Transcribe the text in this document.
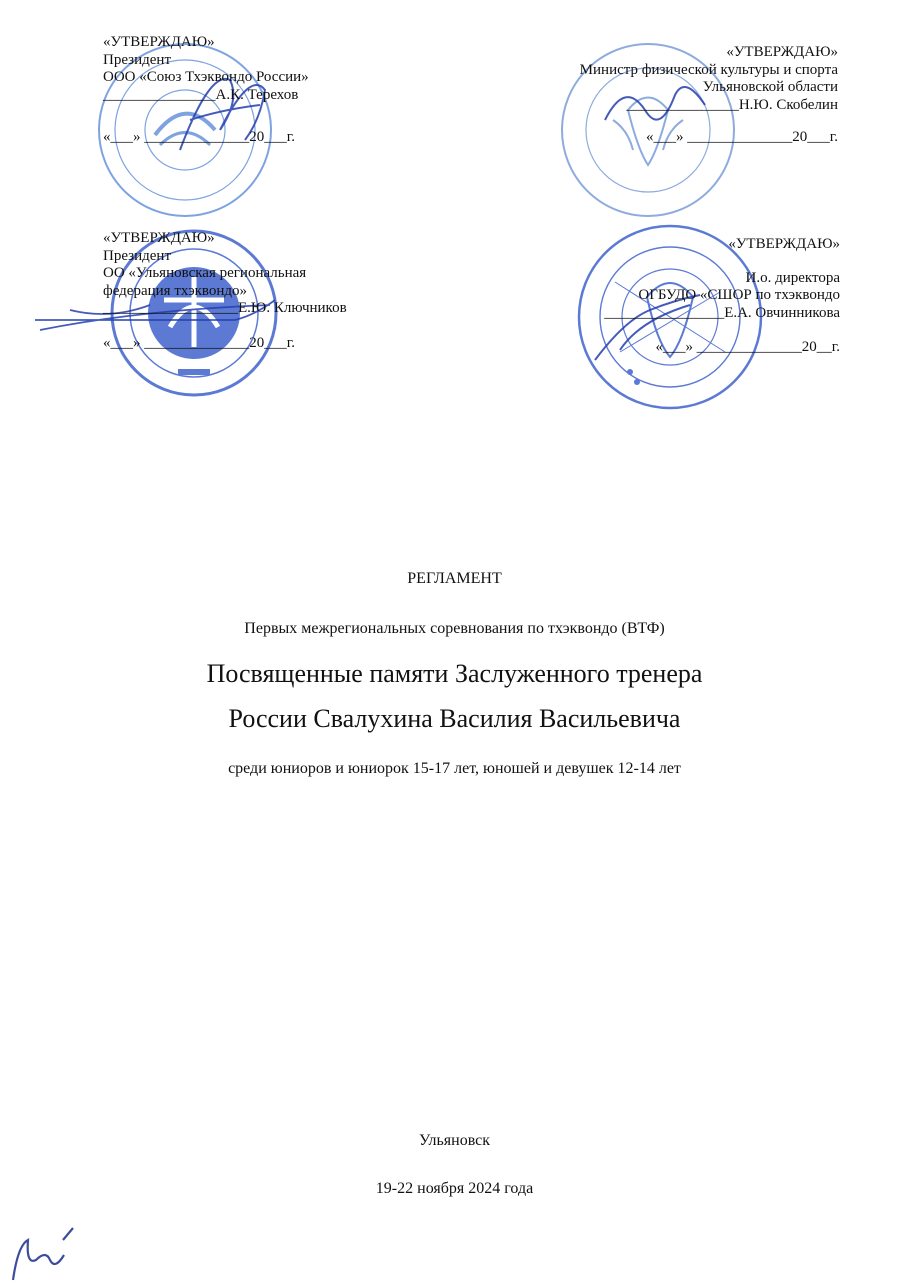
«УТВЕРЖДАЮ»
Президент
ООО «Союз Тхэквондо России»
_______________А.К. Терехов
«___» ______________20___г.
«УТВЕРЖДАЮ»
Министр физической культуры и спорта
Ульяновской области
_______________Н.Ю. Скобелин
«___» ______________20___г.
«УТВЕРЖДАЮ»
Президент
ОО «Ульяновская региональная
федерация тхэквондо»
__________________Е.Ю. Ключников
«___» ______________20___г.
«УТВЕРЖДАЮ»
И.о. директора
ОГБУДО «СШОР по тхэквондо
________________Е.А. Овчинникова
«___» ______________20__г.
РЕГЛАМЕНТ
Первых межрегиональных соревнования по тхэквондо (ВТФ)
Посвященные памяти Заслуженного тренера
России Свалухина Василия Васильевича
среди юниоров и юниорок 15-17 лет, юношей и девушек 12-14 лет
Ульяновск
19-22 ноября 2024 года
